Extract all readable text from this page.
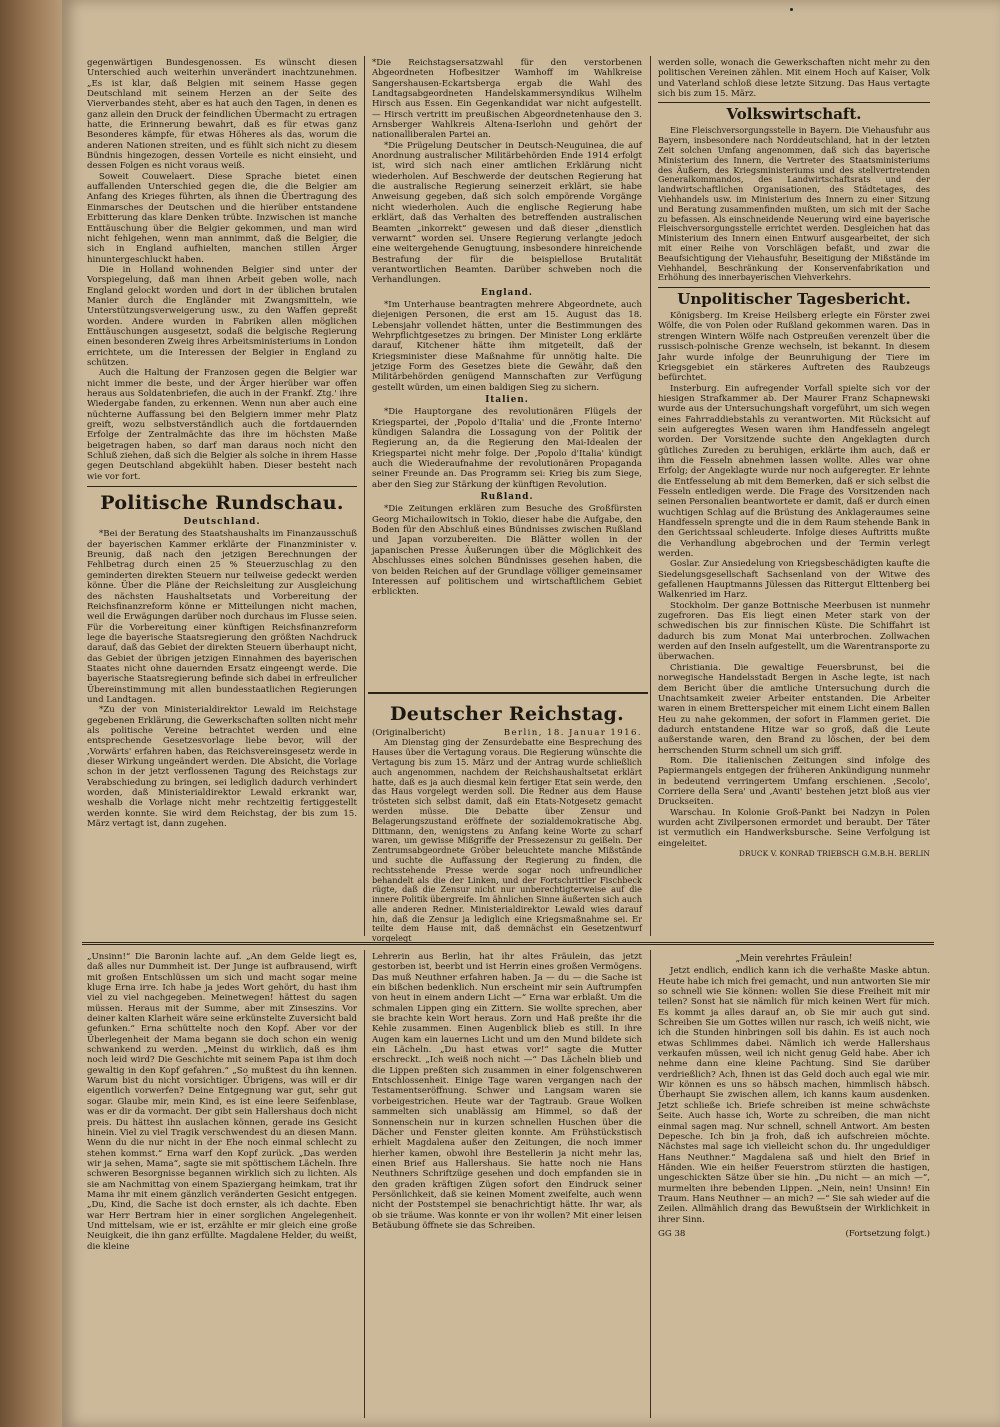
gegenwärtigen Bundesgenossen. Es wünscht diesen Unterschied auch weiterhin unverändert inachtzunehmen. „Es ist klar, daß Belgien mit seinem Hasse gegen Deutschland mit seinem Herzen an der Seite des Vierverbandes steht, aber es hat auch den Tagen, in denen es ganz allein den Druck der feindlichen Übermacht zu ertragen hatte, die Erinnerung bewahrt, daß es für etwas ganz Besonderes kämpfe, für etwas Höheres als das, worum die anderen Nationen streiten, und es fühlt sich nicht zu diesem Bündnis hingezogen, dessen Vorteile es nicht einsieht, und dessen Folgen es nicht voraus weiß.

Soweit Couwelaert. Diese Sprache bietet einen auffallenden Unterschied gegen die, die die Belgier am Anfang des Krieges führten, als ihnen die Übertragung des Einmarsches der Deutschen und die hierüber entstandene Erbitterung das klare Denken trübte. Inzwischen ist manche Enttäuschung über die Belgier gekommen, und man wird nicht fehlgehen, wenn man annimmt, daß die Belgier, die sich in England aufhielten, manchen stillen Ärger hinuntergeschluckt haben.

Die in Holland wohnenden Belgier sind unter der Vorspiegelung, daß man ihnen Arbeit geben wolle, nach England gelockt worden und dort in der üblichen brutalen Manier durch die Engländer mit Zwangsmitteln, wie Unterstützungsverweigerung usw., zu den Waffen gepreßt worden. Andere wurden in Fabriken allen möglichen Enttäuschungen ausgesetzt, sodaß die belgische Regierung einen besonderen Zweig ihres Arbeitsministeriums in London errichtete, um die Interessen der Belgier in England zu schützen.

Auch die Haltung der Franzosen gegen die Belgier war nicht immer die beste, und der Ärger hierüber war offen heraus aus Soldatenbriefen, die auch in der Frankf. Ztg.' ihre Wiedergabe fanden, zu erkennen. Wenn nun aber auch eine nüchterne Auffassung bei den Belgiern immer mehr Platz greift, wozu selbstverständlich auch die fortdauernden Erfolge der Zentralmächte das ihre im höchsten Maße beigetragen haben, so darf man daraus noch nicht den Schluß ziehen, daß sich die Belgier als solche in ihrem Hasse gegen Deutschland abgekühlt haben. Dieser besteht nach wie vor fort.

Politische Rundschau.
Deutschland.

*Bei der Beratung des Staatshaushalts im Finanzausschuß der bayerischen Kammer erklärte der Finanzminister v. Breunig, daß nach den jetzigen Berechnungen der Fehlbetrag durch einen 25 % Steuerzuschlag zu den geminderten direkten Steuern nur teilweise gedeckt werden könne. Über die Pläne der Reichsleitung zur Ausgleichung des nächsten Haushaltsetats und Vorbereitung der Reichsfinanzreform könne er Mitteilungen nicht machen, weil die Erwägungen darüber noch durchaus im Flusse seien. Für die Vorbereitung einer künftigen Reichsfinanzreform lege die bayerische Staatsregierung den größten Nachdruck darauf, daß das Gebiet der direkten Steuern überhaupt nicht, das Gebiet der übrigen jetzigen Einnahmen des bayerischen Staates nicht ohne dauernden Ersatz eingeengt werde. Die bayerische Staatsregierung befinde sich dabei in erfreulicher Übereinstimmung mit allen bundesstaatlichen Regierungen und Landtagen.

*Zu der von Ministerialdirektor Lewald im Reichstage gegebenen Erklärung, die Gewerkschaften sollten nicht mehr als politische Vereine betrachtet werden und eine entsprechende Gesetzesvorlage liebe bevor, will der ‚Vorwärts' erfahren haben, das Reichsvereinsgesetz werde in dieser Wirkung ungeändert werden. Die Absicht, die Vorlage schon in der jetzt verflossenen Tagung des Reichstags zur Verabschiedung zu bringen, sei lediglich dadurch verhindert worden, daß Ministerialdirektor Lewald erkrankt war, weshalb die Vorlage nicht mehr rechtzeitig fertiggestellt werden konnte. Sie wird dem Reichstag, der bis zum 15. März vertagt ist, dann zugehen.

*Die Reichstagsersatzwahl für den verstorbenen Abgeordneten Hofbesitzer Wamhoff im Wahlkreise Sangershausen-Eckartsberga ergab die Wahl des Landtagsabgeordneten Handelskammersyndikus Wilhelm Hirsch aus Essen. Ein Gegenkandidat war nicht aufgestellt. — Hirsch vertritt im preußischen Abgeordnetenhause den 3. Arnsberger Wahlkreis Altena-Iserlohn und gehört der nationalliberalen Partei an.

*Die Prügelung Deutscher in Deutsch-Neuguinea, die auf Anordnung australischer Militärbehörden Ende 1914 erfolgt ist, wird sich nach einer amtlichen Erklärung nicht wiederholen. Auf Beschwerde der deutschen Regierung hat die australische Regierung seinerzeit erklärt, sie habe Anweisung gegeben, daß sich solch empörende Vorgänge nicht wiederholen. Auch die englische Regierung habe erklärt, daß das Verhalten des betreffenden australischen Beamten „inkorrekt“ gewesen und daß dieser „dienstlich verwarnt“ worden sei. Unsere Regierung verlangte jedoch eine weitergehende Genugtuung, insbesondere hinreichende Bestrafung der für die beispiellose Brutalität verantwortlichen Beamten. Darüber schweben noch die Verhandlungen.

England.

*Im Unterhause beantragten mehrere Abgeordnete, auch diejenigen Personen, die erst am 15. August das 18. Lebensjahr vollendet hätten, unter die Bestimmungen des Wehrpflichtgesetzes zu bringen. Der Minister Long erklärte darauf, Kitchener hätte ihm mitgeteilt, daß der Kriegsminister diese Maßnahme für unnötig halte. Die jetzige Form des Gesetzes biete die Gewähr, daß den Militärbehörden genügend Mannschaften zur Verfügung gestellt würden, um einen baldigen Sieg zu sichern.

Italien.

*Die Hauptorgane des revolutionären Flügels der Kriegspartei, der ‚Popolo d'Italia' und die ‚Fronte Interno' kündigen Salandra die Lossagung von der Politik der Regierung an, da die Regierung den Mai-Idealen der Kriegspartei nicht mehr folge. Der ‚Popolo d'Italia' kündigt auch die Wiederaufnahme der revolutionären Propaganda seiner Freunde an. Das Programm sei: Krieg bis zum Siege, aber den Sieg zur Stärkung der künftigen Revolution.

Rußland.

*Die Zeitungen erklären zum Besuche des Großfürsten Georg Michailowitsch in Tokio, dieser habe die Aufgabe, den Boden für den Abschluß eines Bündnisses zwischen Rußland und Japan vorzubereiten. Die Blätter wollen in der japanischen Presse Äußerungen über die Möglichkeit des Abschlusses eines solchen Bündnisses gesehen haben, die von beiden Reichen auf der Grundlage völliger gemeinsamer Interessen auf politischem und wirtschaftlichem Gebiet erblickten.

Deutscher Reichstag.
(Originalbericht)	Berlin, 18. Januar 1916.

Am Dienstag ging der Zensurdebatte eine Besprechung des Hauses über die Vertagung voraus. Die Regierung wünschte die Vertagung bis zum 15. März und der Antrag wurde schließlich auch angenommen, nachdem der Reichshaushaltsetat erklärt hatte, daß es ja auch diesmal kein fertiger Etat sein werde, den das Haus vorgelegt werden soll. Die Redner aus dem Hause trösteten sich selbst damit, daß ein Etats-Notgesetz gemacht werden müsse. Die Debatte über Zensur und Belagerungszustand eröffnete der sozialdemokratische Abg. Dittmann, den, wenigstens zu Anfang keine Worte zu scharf waren, um gewisse Mißgriffe der Pressezensur zu geißeln. Der Zentrumsabgeordnete Gröber beleuchtete manche Mißstände und suchte die Auffassung der Regierung zu finden, die rechtsstehende Presse werde sogar noch unfreundlicher behandelt als die der Linken, und der Fortschrittler Fischbeck rügte, daß die Zensur nicht nur unberechtigterweise auf die innere Politik übergreife. Im ähnlichen Sinne äußerten sich auch alle anderen Redner. Ministerialdirektor Lewald wies darauf hin, daß die Zensur ja lediglich eine Kriegsmaßnahme sei. Er teilte dem Hause mit, daß demnächst ein Gesetzentwurf vorgelegt

werden solle, wonach die Gewerkschaften nicht mehr zu den politischen Vereinen zählen. Mit einem Hoch auf Kaiser, Volk und Vaterland schloß diese letzte Sitzung. Das Haus vertagte sich bis zum 15. März.

Volkswirtschaft.

Eine Fleischversorgungsstelle in Bayern. Die Viehausfuhr aus Bayern, insbesondere nach Norddeutschland, hat in der letzten Zeit solchen Umfang angenommen, daß sich das bayerische Ministerium des Innern, die Vertreter des Staatsministeriums des Äußern, des Kriegsministeriums und des stellvertretenden Generalkommandos, des Landwirtschaftsrats und der landwirtschaftlichen Organisationen, des Städtetages, des Viehhandels usw. im Ministerium des Innern zu einer Sitzung und Beratung zusammenfinden mußten, um sich mit der Sache zu befassen. Als einschneidende Neuerung wird eine bayerische Fleischversorgungsstelle errichtet werden. Desgleichen hat das Ministerium des Innern einen Entwurf ausgearbeitet, der sich mit einer Reihe von Vorschlägen befaßt, und zwar die Beaufsichtigung der Viehausfuhr, Beseitigung der Mißstände im Viehhandel, Beschränkung der Konservenfabrikation und Erhöhung des innerbayerischen Viehverkehrs.

Unpolitischer Tagesbericht.

Königsberg. Im Kreise Heilsberg erlegte ein Förster zwei Wölfe, die von Polen oder Rußland gekommen waren. Das in strengen Wintern Wölfe nach Ostpreußen verenzelt über die russisch-polnische Grenze wechseln, ist bekannt. In diesem Jahr wurde infolge der Beunruhigung der Tiere im Kriegsgebiet ein stärkeres Auftreten des Raubzeugs befürchtet.

Insterburg. Ein aufregender Vorfall spielte sich vor der hiesigen Strafkammer ab. Der Maurer Franz Schapnewski wurde aus der Untersuchungshaft vorgeführt, um sich wegen eines Fahrraddiebstahls zu verantworten. Mit Rücksicht auf sein aufgeregtes Wesen waren ihm Handfesseln angelegt worden. Der Vorsitzende suchte den Angeklagten durch gütliches Zureden zu beruhigen, erklärte ihm auch, daß er ihm die Fesseln abnehmen lassen wollte. Alles war ohne Erfolg; der Angeklagte wurde nur noch aufgeregter. Er lehnte die Entfesselung ab mit dem Bemerken, daß er sich selbst die Fesseln entledigen werde. Die Frage des Vorsitzenden nach seinen Personalien beantwortete er damit, daß er durch einen wuchtigen Schlag auf die Brüstung des Anklageraumes seine Handfesseln sprengte und die in dem Raum stehende Bank in den Gerichtssaal schleuderte. Infolge dieses Auftritts mußte die Verhandlung abgebrochen und der Termin verlegt werden.

Goslar. Zur Ansiedelung von Kriegsbeschädigten kaufte die Siedelungsgesellschaft Sachsenland von der Witwe des gefallenen Hauptmanns Jülessen das Rittergut Elttenberg bei Walkenried im Harz.

Stockholm. Der ganze Bottnische Meerbusen ist nunmehr zugefroren. Das Eis liegt einen Meter stark von der schwedischen bis zur finnischen Küste. Die Schiffahrt ist dadurch bis zum Monat Mai unterbrochen. Zollwachen werden auf den Inseln aufgestellt, um die Warentransporte zu überwachen.

Christiania. Die gewaltige Feuersbrunst, bei die norwegische Handelsstadt Bergen in Asche legte, ist nach dem Bericht über die amtliche Untersuchung durch die Unachtsamkeit zweier Arbeiter entstanden. Die Arbeiter waren in einem Bretterspeicher mit einem Licht einem Ballen Heu zu nahe gekommen, der sofort in Flammen geriet. Die dadurch entstandene Hitze war so groß, daß die Leute außerstande waren, den Brand zu löschen, der bei dem herrschenden Sturm schnell um sich griff.

Rom. Die italienischen Zeitungen sind infolge des Papiermangels entgegen der früheren Ankündigung nunmehr in bedeutend verringertem Umfang erschienen. ‚Secolo', Corriere della Sera' und ‚Avanti' bestehen jetzt bloß aus vier Druckseiten.

Warschau. In Kolonie Groß-Pankt bei Nadzyn in Polen wurden acht Zivilpersonen ermordet und beraubt. Der Täter ist vermutlich ein Handwerksbursche. Seine Verfolgung ist eingeleitet.

DRUCK V. KONRAD TRIEBSCH G.M.B.H. BERLIN

„Unsinn!“ Die Baronin lachte auf. „An dem Gelde liegt es, daß alles nur Dummheit ist. Der Junge ist aufbrausend, wirft mit großen Entschlüssen um sich und macht sogar meine kluge Erna irre. Ich habe ja jedes Wort gehört, du hast ihm viel zu viel nachgegeben. Meinetwegen! hättest du sagen müssen. Heraus mit der Summe, aber mit Zinseszins. Vor deiner kalten Klarheit wäre seine erkünstelte Zuversicht bald gefunken.“ Erna schüttelte noch den Kopf. Aber vor der Überlegenheit der Mama begann sie doch schon ein wenig schwankend zu werden. „Meinst du wirklich, daß es ihm noch leid wird? Die Geschichte mit seinem Papa ist ihm doch gewaltig in den Kopf gefahren.“ „So mußtest du ihn kennen. Warum bist du nicht vorsichtiger. Übrigens, was will er dir eigentlich vorwerfen? Deine Entgegnung war gut, sehr gut sogar. Glaube mir, mein Kind, es ist eine leere Seifenblase, was er dir da vormacht. Der gibt sein Hallershaus doch nicht preis. Du hättest ihn auslachen können, gerade ins Gesicht hinein. Viel zu viel Tragik verschwendest du an diesen Mann. Wenn du die nur nicht in der Ehe noch einmal schlecht zu stehen kommst.“ Erna warf den Kopf zurück. „Das werden wir ja sehen, Mama“, sagte sie mit spöttischem Lächeln. Ihre schweren Besorgnisse begannen wirklich sich zu lichten. Als sie am Nachmittag von einem Spaziergang heimkam, trat ihr Mama ihr mit einem gänzlich veränderten Gesicht entgegen. „Du, Kind, die Sache ist doch ernster, als ich dachte. Eben war Herr Bertram hier in einer sorglichen Angelegenheit. Und mittelsam, wie er ist, erzählte er mir gleich eine große Neuigkeit, die ihn ganz erfüllte. Magdalene Helder, du weißt, die kleine

Lehrerin aus Berlin, hat ihr altes Fräulein, das jetzt gestorben ist, beerbt und ist Herrin eines großen Vermögens. Das muß Neuthner erfahren haben. Ja — du — die Sache ist ein bißchen bedenklich. Nun erscheint mir sein Auftrumpfen von heut in einem andern Licht —“ Erna war erblaßt. Um die schmalen Lippen ging ein Zittern. Sie wollte sprechen, aber sie brachte kein Wort heraus. Zorn und Haß preßte ihr die Kehle zusammen. Einen Augenblick blieb es still. In ihre Augen kam ein lauernes Licht und um den Mund bildete sich ein Lächeln. „Du hast etwas vor!“ sagte die Mutter erschreckt. „Ich weiß noch nicht —“ Das Lächeln blieb und die Lippen preßten sich zusammen in einer folgenschweren Entschlossenheit. Einige Tage waren vergangen nach der Testamentseröffnung. Schwer und Langsam waren sie vorbeigestrichen. Heute war der Tagtraub. Graue Wolken sammelten sich unablässig am Himmel, so daß der Sonnenschein nur in kurzen schnellen Huschen über die Dächer und Fenster gleiten konnte. Am Frühstückstisch erhielt Magdalena außer den Zeitungen, die noch immer hierher kamen, obwohl ihre Bestellerin ja nicht mehr las, einen Brief aus Hallershaus. Sie hatte noch nie Hans Neuthners Schriftzüge gesehen und doch empfanden sie in den graden kräftigen Zügen sofort den Eindruck seiner Persönlichkeit, daß sie keinen Moment zweifelte, auch wenn nicht der Poststempel sie benachrichtigt hätte. Ihr war, als ob sie träume. Was konnte er von ihr wollen? Mit einer leisen Betäubung öffnete sie das Schreiben.

„Mein verehrtes Fräulein!

Jetzt endlich, endlich kann ich die verhaßte Maske abtun. Heute habe ich mich frei gemacht, und nun antworten Sie mir so schnell wie Sie können: wollen Sie diese Freiheit mit mir teilen? Sonst hat sie nämlich für mich keinen Wert für mich. Es kommt ja alles darauf an, ob Sie mir auch gut sind. Schreiben Sie um Gottes willen nur rasch, ich weiß nicht, wie ich die Stunden hinbringen soll bis dahin. Es ist auch noch etwas Schlimmes dabei. Nämlich ich werde Hallershaus verkaufen müssen, weil ich nicht genug Geld habe. Aber ich nehme dann eine kleine Pachtung. Sind Sie darüber verdrießlich? Ach, Ihnen ist das Geld doch auch egal wie mir. Wir können es uns so häbsch machen, himmlisch häbsch. Überhaupt Sie zwischen allem, ich kanns kaum ausdenken. Jetzt schließe ich. Briefe schreiben ist meine schwächste Seite. Auch hasse ich, Worte zu schreiben, die man nicht einmal sagen mag. Nur schnell, schnell Antwort. Am besten Depesche. Ich bin ja froh, daß ich aufschreien möchte. Nächstes mal sage ich vielleicht schon du. Ihr ungeduldiger Hans Neuthner.“ Magdalena saß und hielt den Brief in Händen. Wie ein heißer Feuerstrom stürzten die hastigen, ungeschickten Sätze über sie hin. „Du nicht — an mich —“, murmelten ihre bebenden Lippen. „Nein, nein! Unsinn! Ein Traum. Hans Neuthner — an mich? —“ Sie sah wieder auf die Zeilen. Allmählich drang das Bewußtsein der Wirklichkeit in ihrer Sinn.

GG 38	(Fortsetzung folgt.)
